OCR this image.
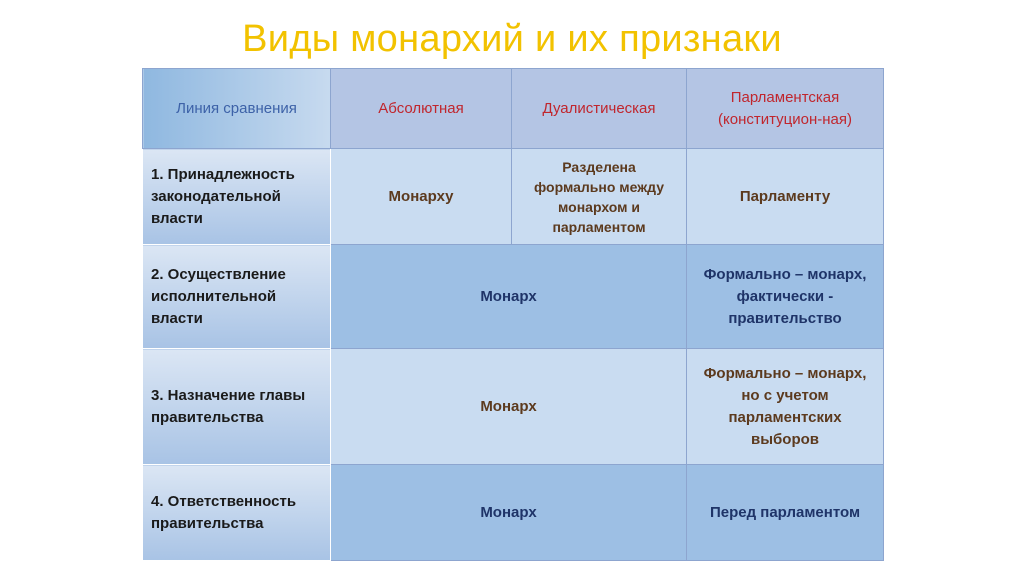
Виды монархий и их признаки
Линия сравнения	Абсолютная	Дуалистическая	Парламентская (конституцион-ная)
1. Принадлежность законодательной власти	Монарху	Разделена формально между монархом и парламентом	Парламенту
2. Осуществление исполнительной власти	Монарх		Формально – монарх, фактически - правительство
3. Назначение главы правительства	Монарх		Формально – монарх, но с учетом парламентских выборов
4. Ответственность правительства	Монарх		Перед парламентом
